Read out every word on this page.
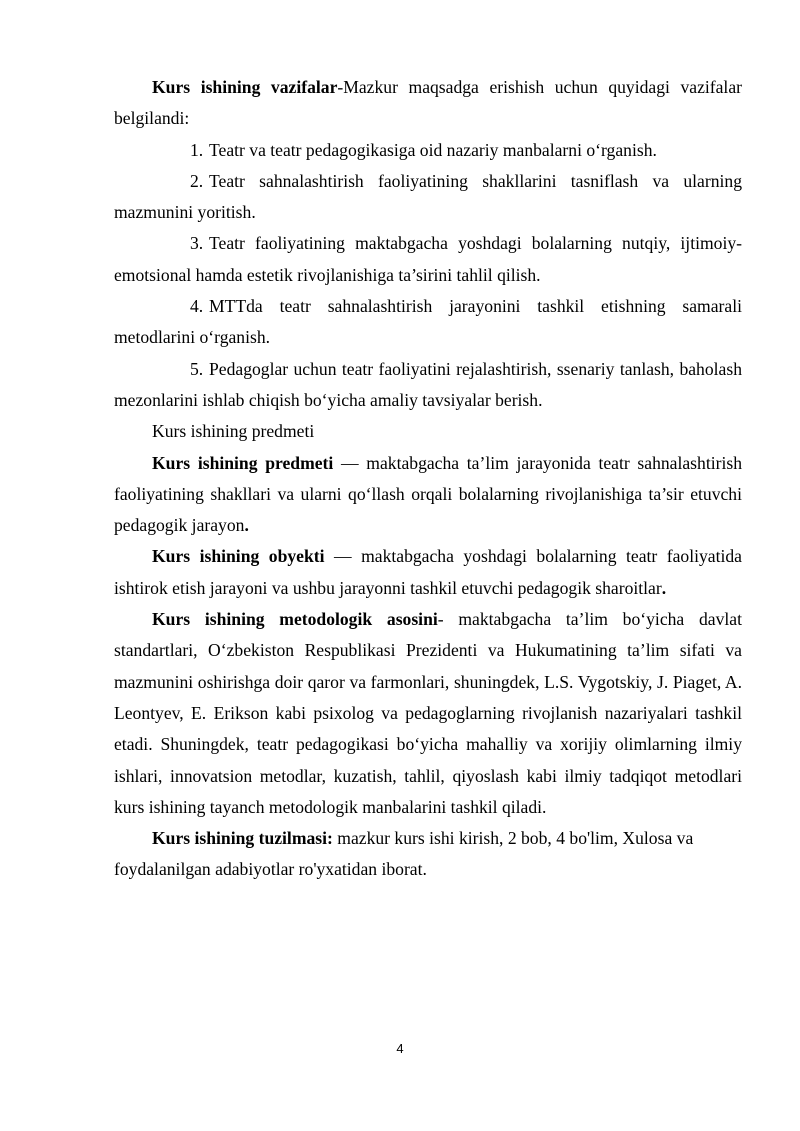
Kurs ishining vazifalar-Mazkur maqsadga erishish uchun quyidagi vazifalar belgilandi:

1. Teatr va teatr pedagogikasiga oid nazariy manbalarni o‘rganish.

2. Teatr sahnalashtirish faoliyatining shakllarini tasniflash va ularning mazmunini yoritish.

3. Teatr faoliyatining maktabgacha yoshdagi bolalarning nutqiy, ijtimoiy-emotsional hamda estetik rivojlanishiga ta’sirini tahlil qilish.

4. MTTda teatr sahnalashtirish jarayonini tashkil etishning samarali metodlarini o‘rganish.

5. Pedagoglar uchun teatr faoliyatini rejalashtirish, ssenariy tanlash, baholash mezonlarini ishlab chiqish bo‘yicha amaliy tavsiyalar berish.

Kurs ishining predmeti

Kurs ishining predmeti — maktabgacha ta’lim jarayonida teatr sahnalashtirish faoliyatining shakllari va ularni qo‘llash orqali bolalarning rivojlanishiga ta’sir etuvchi pedagogik jarayon.

Kurs ishining obyekti — maktabgacha yoshdagi bolalarning teatr faoliyatida ishtirok etish jarayoni va ushbu jarayonni tashkil etuvchi pedagogik sharoitlar.

Kurs ishining metodologik asosini- maktabgacha ta’lim bo‘yicha davlat standartlari, O‘zbekiston Respublikasi Prezidenti va Hukumatining ta’lim sifati va mazmunini oshirishga doir qaror va farmonlari, shuningdek, L.S. Vygotskiy, J. Piaget, A. Leontyev, E. Erikson kabi psixolog va pedagoglarning rivojlanish nazariyalari tashkil etadi. Shuningdek, teatr pedagogikasi bo‘yicha mahalliy va xorijiy olimlarning ilmiy ishlari, innovatsion metodlar, kuzatish, tahlil, qiyoslash kabi ilmiy tadqiqot metodlari kurs ishining tayanch metodologik manbalarini tashkil qiladi.

Kurs ishining tuzilmasi: mazkur kurs ishi kirish, 2 bob, 4 bo'lim, Xulosa va foydalanilgan adabiyotlar ro'yxatidan iborat.

4
